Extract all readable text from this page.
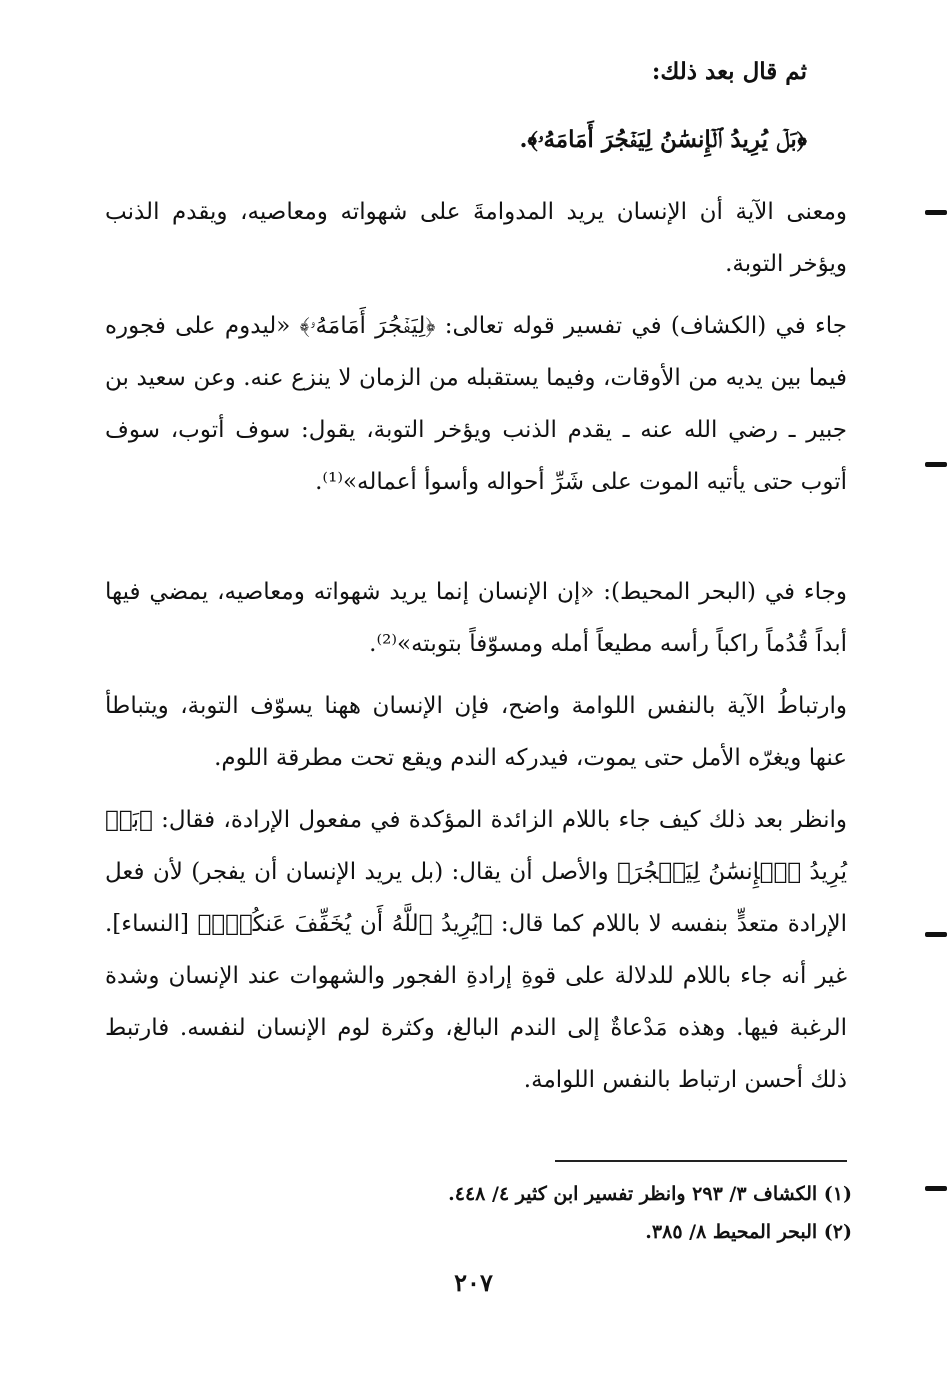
ثم قال بعد ذلك:
﴿بَلۡ يُرِيدُ ٱلۡإِنسَٰنُ لِيَفۡجُرَ أَمَامَهُۥ﴾.

ومعنى الآية أن الإنسان يريد المدوامةَ على شهواته ومعاصيه، ويقدم الذنب ويؤخر التوبة.

جاء في (الكشاف) في تفسير قوله تعالى: ﴿لِيَفۡجُرَ أَمَامَهُۥ﴾ «ليدوم على فجوره فيما بين يديه من الأوقات، وفيما يستقبله من الزمان لا ينزع عنه. وعن سعيد بن جبير ـ رضي الله عنه ـ يقدم الذنب ويؤخر التوبة، يقول: سوف أتوب، سوف أتوب حتى يأتيه الموت على شَرِّ أحواله وأسوأ أعماله»⁽¹⁾.

وجاء في (البحر المحيط): «إن الإنسان إنما يريد شهواته ومعاصيه، يمضي فيها أبداً قُدُماً راكباً رأسه مطيعاً أمله ومسوّفاً بتوبته»⁽²⁾.

وارتباطُ الآية بالنفس اللوامة واضح، فإن الإنسان ههنا يسوّف التوبة، ويتباطأ عنها ويغرّه الأمل حتى يموت، فيدركه الندم ويقع تحت مطرقة اللوم.

وانظر بعد ذلك كيف جاء باللام الزائدة المؤكدة في مفعول الإرادة، فقال: ﴿بَلۡ يُرِيدُ ٱلۡإِنسَٰنُ لِيَفۡجُرَ﴾ والأصل أن يقال: (بل يريد الإنسان أن يفجر) لأن فعل الإرادة متعدٍّ بنفسه لا باللام كما قال: ﴿يُرِيدُ ٱللَّهُ أَن يُخَفِّفَ عَنكُمۡۚ﴾ [النساء]. غير أنه جاء باللام للدلالة على قوةِ إرادةِ الفجور والشهوات عند الإنسان وشدة الرغبة فيها. وهذه مَدْعاةٌ إلى الندم البالغ، وكثرة لوم الإنسان لنفسه. فارتبط ذلك أحسن ارتباط بالنفس اللوامة.

(١) الكشاف ٣/ ٢٩٣ وانظر تفسير ابن كثير ٤/ ٤٤٨.
(٢) البحر المحيط ٨/ ٣٨٥.
٢٠٧
